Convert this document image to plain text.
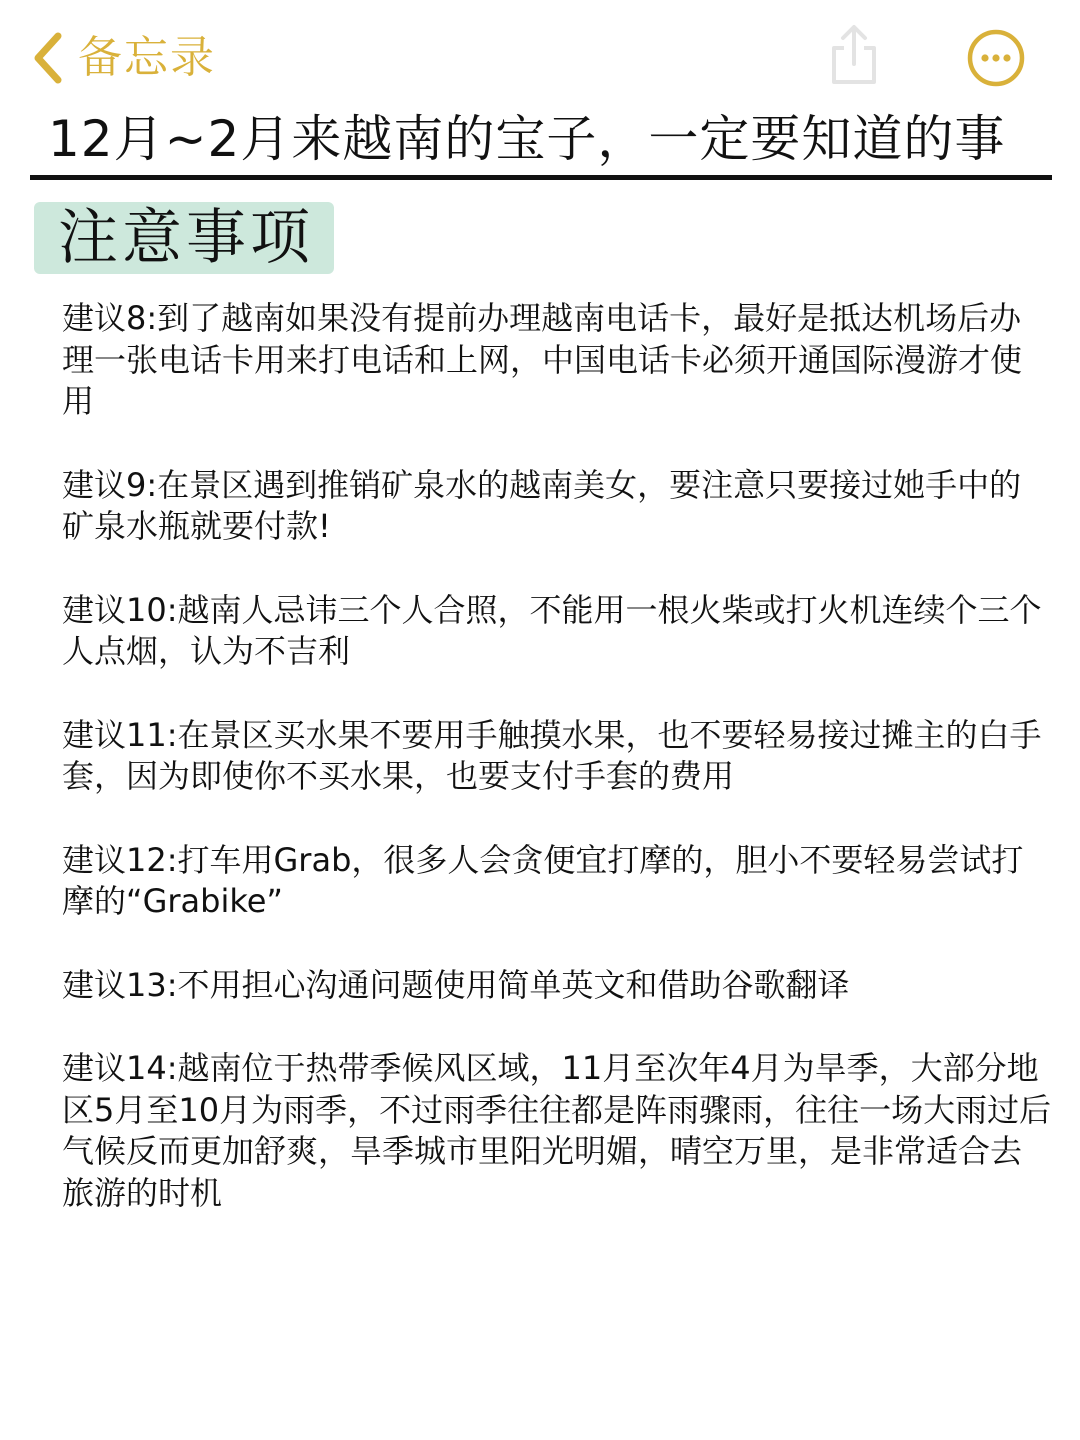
备忘录
12月~2月来越南的宝子，一定要知道的事
注意事项

建议8:到了越南如果没有提前办理越南电话卡，最好是抵达机场后办理一张电话卡用来打电话和上网，中国电话卡必须开通国际漫游才使用

建议9:在景区遇到推销矿泉水的越南美女，要注意只要接过她手中的矿泉水瓶就要付款!

建议10:越南人忌讳三个人合照，不能用一根火柴或打火机连续个三个人点烟，认为不吉利

建议11:在景区买水果不要用手触摸水果，也不要轻易接过摊主的白手套，因为即使你不买水果，也要支付手套的费用

建议12:打车用Grab，很多人会贪便宜打摩的，胆小不要轻易尝试打摩的“Grabike”

建议13:不用担心沟通问题使用简单英文和借助谷歌翻译

建议14:越南位于热带季候风区域，11月至次年4月为旱季，大部分地区5月至10月为雨季，不过雨季往往都是阵雨骤雨，往往一场大雨过后气候反而更加舒爽，旱季城市里阳光明媚，晴空万里，是非常适合去旅游的时机
